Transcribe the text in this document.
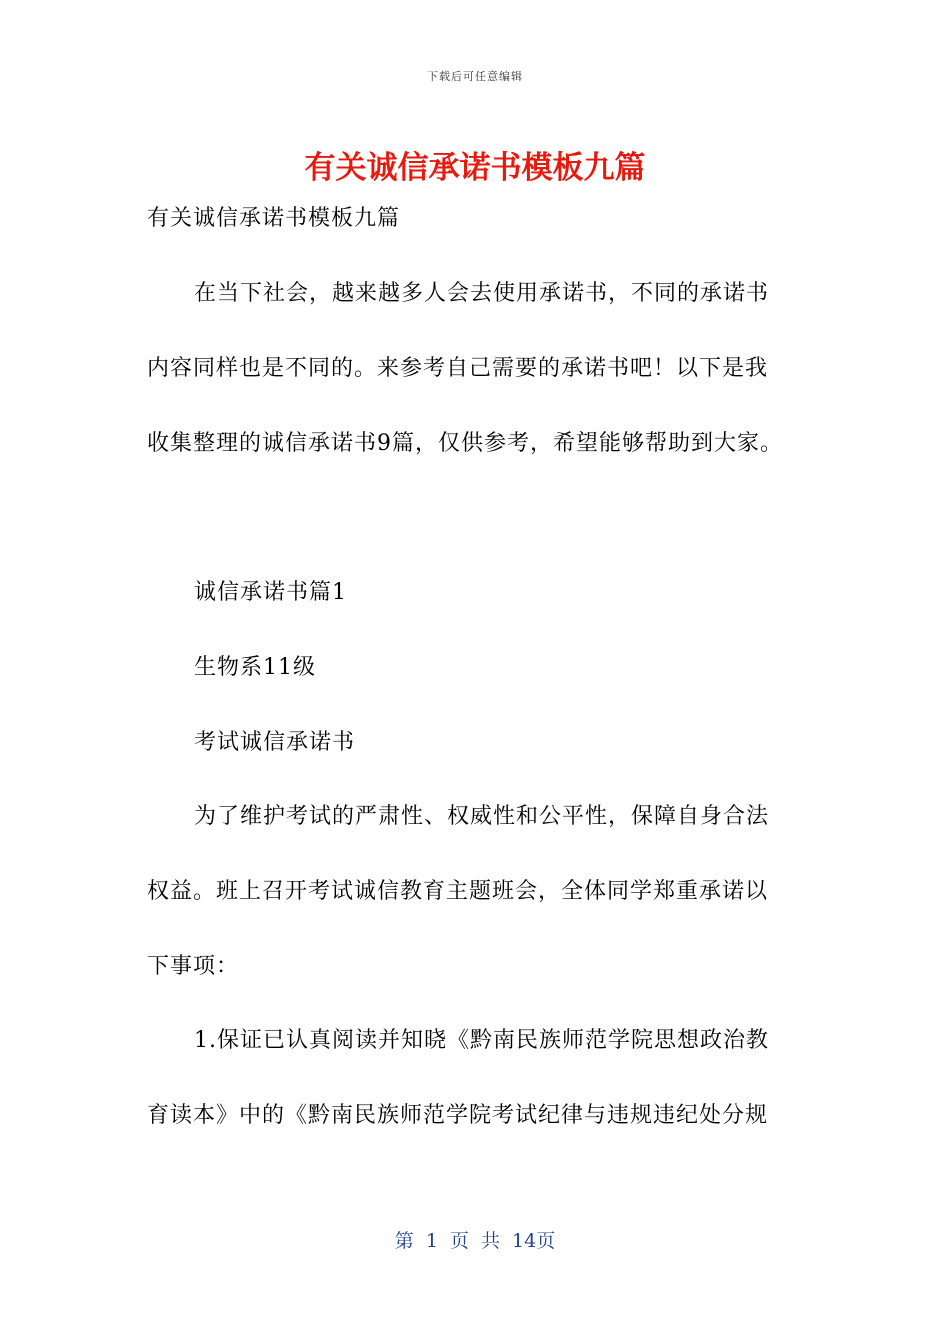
下载后可任意编辑
有关诚信承诺书模板九篇
有关诚信承诺书模板九篇
在当下社会，越来越多人会去使用承诺书，不同的承诺书
内容同样也是不同的。来参考自己需要的承诺书吧！以下是我
收集整理的诚信承诺书9篇，仅供参考，希望能够帮助到大家。
诚信承诺书篇1
生物系11级
考试诚信承诺书
为了维护考试的严肃性、权威性和公平性，保障自身合法
权益。班上召开考试诚信教育主题班会，全体同学郑重承诺以
下事项：
1.保证已认真阅读并知晓《黔南民族师范学院思想政治教
育读本》中的《黔南民族师范学院考试纪律与违规违纪处分规
第 1 页 共 14页
